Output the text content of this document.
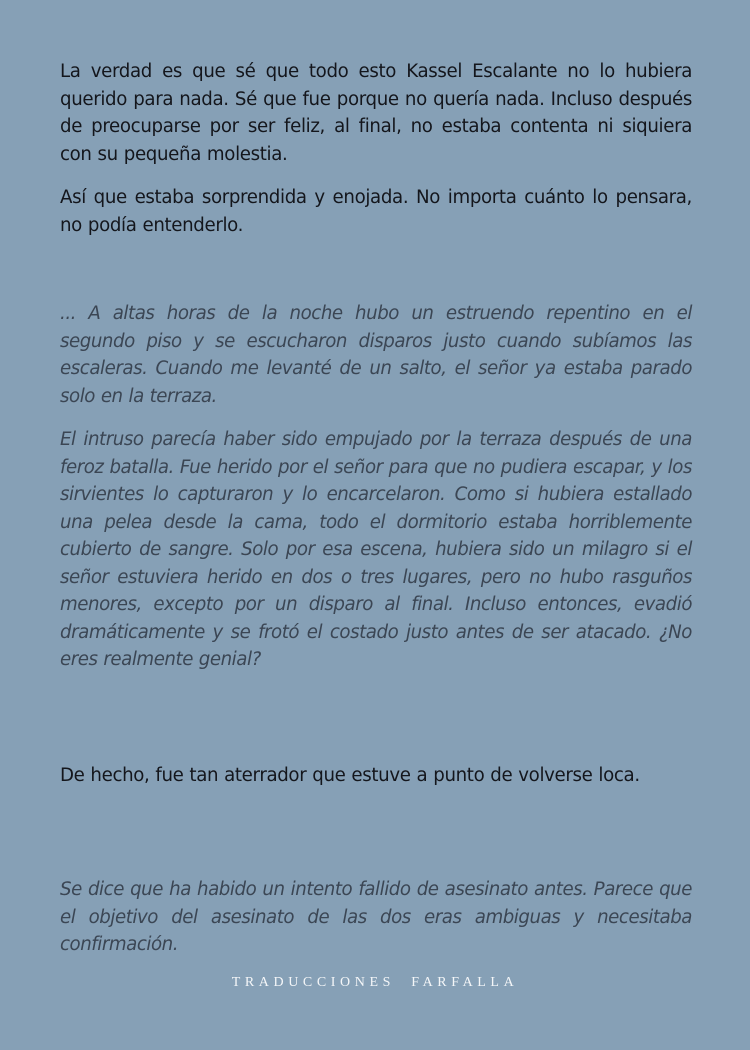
La verdad es que sé que todo esto Kassel Escalante no lo hubiera querido para nada. Sé que fue porque no quería nada. Incluso después de preocuparse por ser feliz, al final, no estaba contenta ni siquiera con su pequeña molestia.

Así que estaba sorprendida y enojada. No importa cuánto lo pensara, no podía entenderlo.

... A altas horas de la noche hubo un estruendo repentino en el segundo piso y se escucharon disparos justo cuando subíamos las escaleras. Cuando me levanté de un salto, el señor ya estaba parado solo en la terraza.

El intruso parecía haber sido empujado por la terraza después de una feroz batalla. Fue herido por el señor para que no pudiera escapar, y los sirvientes lo capturaron y lo encarcelaron. Como si hubiera estallado una pelea desde la cama, todo el dormitorio estaba horriblemente cubierto de sangre. Solo por esa escena, hubiera sido un milagro si el señor estuviera herido en dos o tres lugares, pero no hubo rasguños menores, excepto por un disparo al final. Incluso entonces, evadió dramáticamente y se frotó el costado justo antes de ser atacado. ¿No eres realmente genial?

De hecho, fue tan aterrador que estuve a punto de volverse loca.

Se dice que ha habido un intento fallido de asesinato antes. Parece que el objetivo del asesinato de las dos eras ambiguas y necesitaba confirmación.

TRADUCCIONES  FARFALLA
